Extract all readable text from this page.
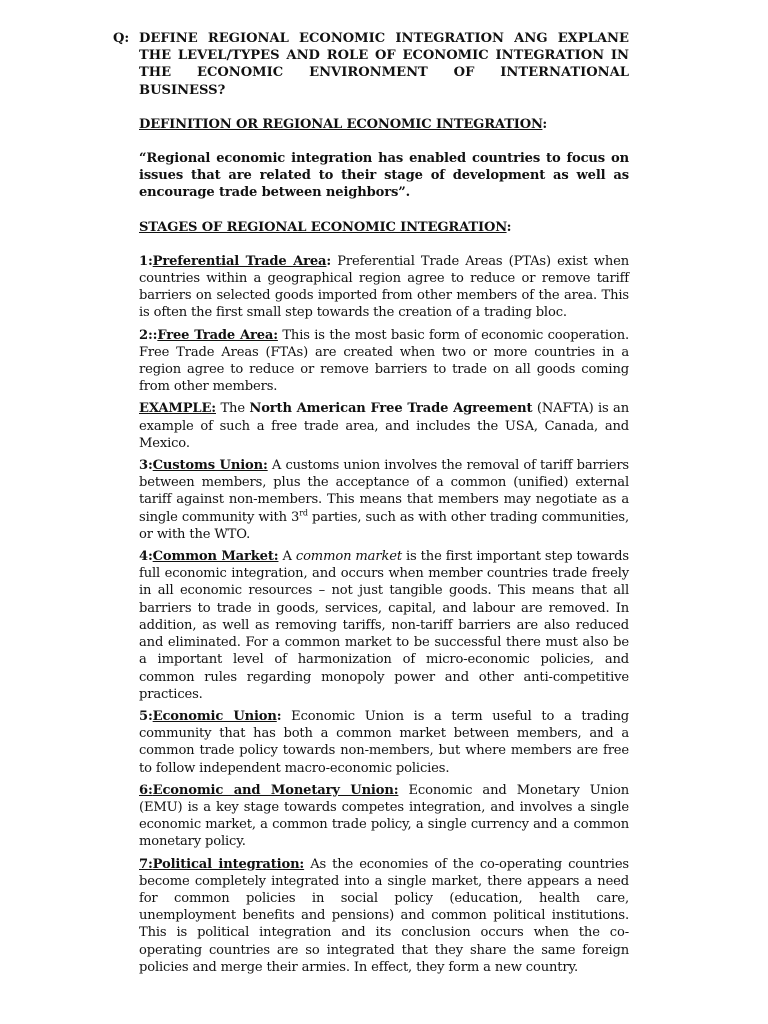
Q: DEFINE REGIONAL ECONOMIC INTEGRATION ANG EXPLANE THE LEVEL/TYPES AND ROLE OF ECONOMIC INTEGRATION IN THE ECONOMIC ENVIRONMENT OF INTERNATIONAL BUSINESS?
DEFINITION OR REGIONAL ECONOMIC INTEGRATION:
“Regional economic integration has enabled countries to focus on issues that are related to their stage of development as well as encourage trade between neighbors”.
STAGES OF REGIONAL ECONOMIC INTEGRATION:
1:Preferential Trade Area: Preferential Trade Areas (PTAs) exist when countries within a geographical region agree to reduce or remove tariff barriers on selected goods imported from other members of the area. This is often the first small step towards the creation of a trading bloc.
2::Free Trade Area: This is the most basic form of economic cooperation. Free Trade Areas (FTAs) are created when two or more countries in a region agree to reduce or remove barriers to trade on all goods coming from other members.
EXAMPLE: The North American Free Trade Agreement (NAFTA) is an example of such a free trade area, and includes the USA, Canada, and Mexico.
3:Customs Union: A customs union involves the removal of tariff barriers between members, plus the acceptance of a common (unified) external tariff against non-members. This means that members may negotiate as a single community with 3rd parties, such as with other trading communities, or with the WTO.
4:Common Market: A common market is the first important step towards full economic integration, and occurs when member countries trade freely in all economic resources – not just tangible goods. This means that all barriers to trade in goods, services, capital, and labour are removed. In addition, as well as removing tariffs, non-tariff barriers are also reduced and eliminated. For a common market to be successful there must also be a important level of harmonization of micro-economic policies, and common rules regarding monopoly power and other anti-competitive practices.
5:Economic Union: Economic Union is a term useful to a trading community that has both a common market between members, and a common trade policy towards non-members, but where members are free to follow independent macro-economic policies.
6:Economic and Monetary Union: Economic and Monetary Union (EMU) is a key stage towards competes integration, and involves a single economic market, a common trade policy, a single currency and a common monetary policy.
7:Political integration: As the economies of the co-operating countries become completely integrated into a single market, there appears a need for common policies in social policy (education, health care, unemployment benefits and pensions) and common political institutions. This is political integration and its conclusion occurs when the co-operating countries are so integrated that they share the same foreign policies and merge their armies. In effect, they form a new country.
